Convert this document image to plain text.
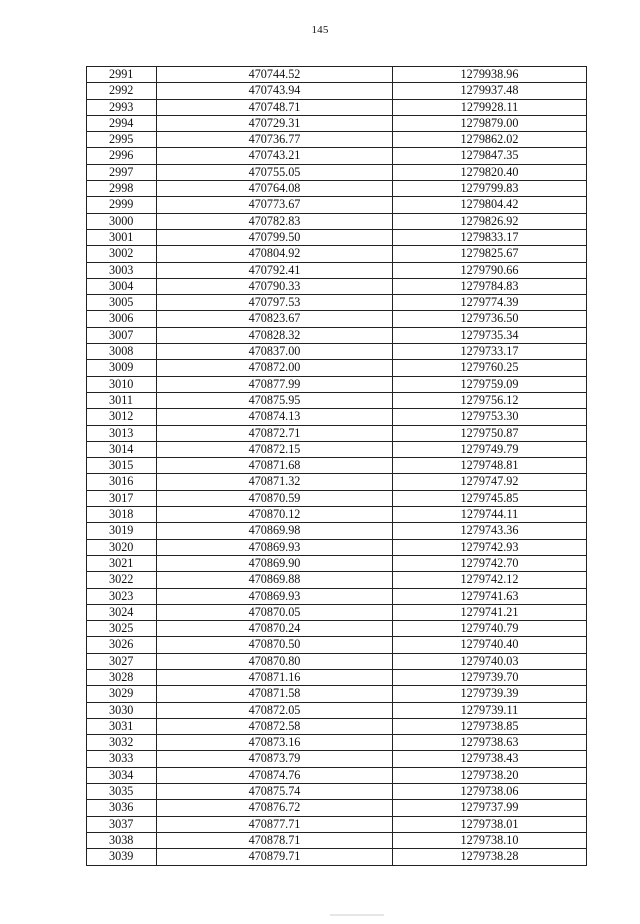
145
2991	470744.52	1279938.96
2992	470743.94	1279937.48
2993	470748.71	1279928.11
2994	470729.31	1279879.00
2995	470736.77	1279862.02
2996	470743.21	1279847.35
2997	470755.05	1279820.40
2998	470764.08	1279799.83
2999	470773.67	1279804.42
3000	470782.83	1279826.92
3001	470799.50	1279833.17
3002	470804.92	1279825.67
3003	470792.41	1279790.66
3004	470790.33	1279784.83
3005	470797.53	1279774.39
3006	470823.67	1279736.50
3007	470828.32	1279735.34
3008	470837.00	1279733.17
3009	470872.00	1279760.25
3010	470877.99	1279759.09
3011	470875.95	1279756.12
3012	470874.13	1279753.30
3013	470872.71	1279750.87
3014	470872.15	1279749.79
3015	470871.68	1279748.81
3016	470871.32	1279747.92
3017	470870.59	1279745.85
3018	470870.12	1279744.11
3019	470869.98	1279743.36
3020	470869.93	1279742.93
3021	470869.90	1279742.70
3022	470869.88	1279742.12
3023	470869.93	1279741.63
3024	470870.05	1279741.21
3025	470870.24	1279740.79
3026	470870.50	1279740.40
3027	470870.80	1279740.03
3028	470871.16	1279739.70
3029	470871.58	1279739.39
3030	470872.05	1279739.11
3031	470872.58	1279738.85
3032	470873.16	1279738.63
3033	470873.79	1279738.43
3034	470874.76	1279738.20
3035	470875.74	1279738.06
3036	470876.72	1279737.99
3037	470877.71	1279738.01
3038	470878.71	1279738.10
3039	470879.71	1279738.28
